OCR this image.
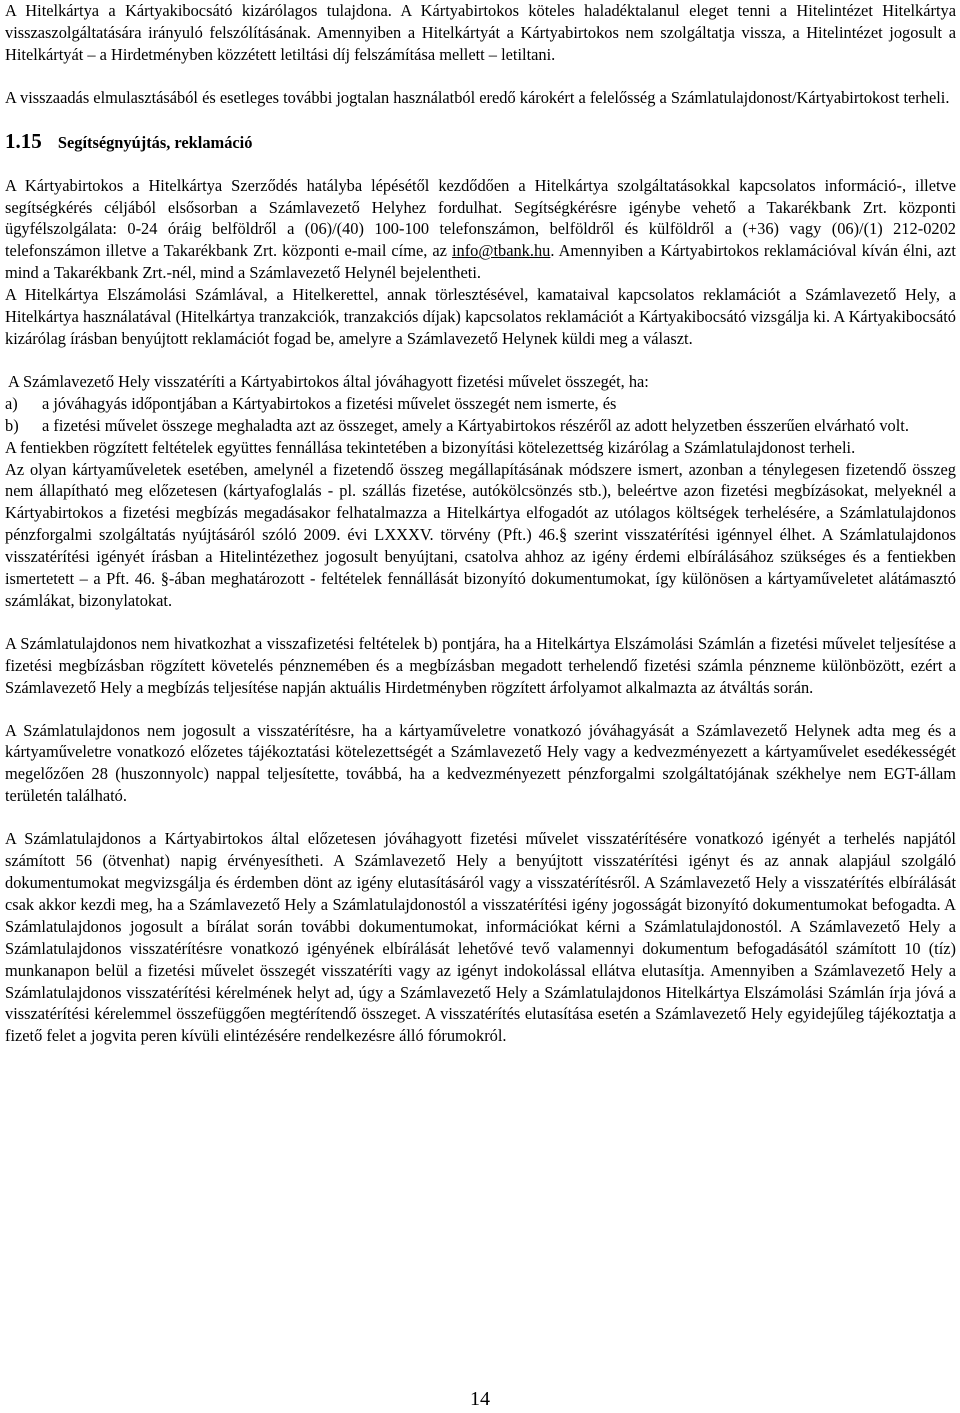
A Hitelkártya a Kártyakibocsátó kizárólagos tulajdona. A Kártyabirtokos köteles haladéktalanul eleget tenni a Hitelintézet Hitelkártya visszaszolgáltatására irányuló felszólításának. Amennyiben a Hitelkártyát a Kártyabirtokos nem szolgáltatja vissza, a Hitelintézet jogosult a Hitelkártyát – a Hirdetményben közzétett letiltási díj felszámítása mellett – letiltani.

A visszaadás elmulasztásából és esetleges további jogtalan használatból eredő károkért a felelősség a Számlatulajdonost/Kártyabirtokost terheli.

1.15 Segítségnyújtás, reklamáció

A Kártyabirtokos a Hitelkártya Szerződés hatályba lépésétől kezdődően a Hitelkártya szolgáltatásokkal kapcsolatos információ-, illetve segítségkérés céljából elsősorban a Számlavezető Helyhez fordulhat. Segítségkérésre igénybe vehető a Takarékbank Zrt. központi ügyfélszolgálata: 0-24 óráig belföldről a (06)/(40) 100-100 telefonszámon, belföldről és külföldről a (+36) vagy (06)/(1) 212-0202 telefonszámon illetve a Takarékbank Zrt. központi e-mail címe, az info@tbank.hu. Amennyiben a Kártyabirtokos reklamációval kíván élni, azt mind a Takarékbank Zrt.-nél, mind a Számlavezető Helynél bejelentheti.

A Hitelkártya Elszámolási Számlával, a Hitelkerettel, annak törlesztésével, kamataival kapcsolatos reklamációt a Számlavezető Hely, a Hitelkártya használatával (Hitelkártya tranzakciók, tranzakciós díjak) kapcsolatos reklamációt a Kártyakibocsátó vizsgálja ki. A Kártyakibocsátó kizárólag írásban benyújtott reklamációt fogad be, amelyre a Számlavezető Helynek küldi meg a választ.

A Számlavezető Hely visszatéríti a Kártyabirtokos által jóváhagyott fizetési művelet összegét, ha:

a) a jóváhagyás időpontjában a Kártyabirtokos a fizetési művelet összegét nem ismerte, és

b) a fizetési művelet összege meghaladta azt az összeget, amely a Kártyabirtokos részéről az adott helyzetben ésszerűen elvárható volt.

A fentiekben rögzített feltételek együttes fennállása tekintetében a bizonyítási kötelezettség kizárólag a Számlatulajdonost terheli.

Az olyan kártyaműveletek esetében, amelynél a fizetendő összeg megállapításának módszere ismert, azonban a ténylegesen fizetendő összeg nem állapítható meg előzetesen (kártyafoglalás - pl. szállás fizetése, autókölcsönzés stb.), beleértve azon fizetési megbízásokat, melyeknél a Kártyabirtokos a fizetési megbízás megadásakor felhatalmazza a Hitelkártya elfogadót az utólagos költségek terhelésére, a Számlatulajdonos pénzforgalmi szolgáltatás nyújtásáról szóló 2009. évi LXXXV. törvény (Pft.) 46.§ szerint visszatérítési igénnyel élhet. A Számlatulajdonos visszatérítési igényét írásban a Hitelintézethez jogosult benyújtani, csatolva ahhoz az igény érdemi elbírálásához szükséges és a fentiekben ismertetett – a Pft. 46. §-ában meghatározott - feltételek fennállását bizonyító dokumentumokat, így különösen a kártyaműveletet alátámasztó számlákat, bizonylatokat.

A Számlatulajdonos nem hivatkozhat a visszafizetési feltételek b) pontjára, ha a Hitelkártya Elszámolási Számlán a fizetési művelet teljesítése a fizetési megbízásban rögzített követelés pénznemében és a megbízásban megadott terhelendő fizetési számla pénzneme különbözött, ezért a Számlavezető Hely a megbízás teljesítése napján aktuális Hirdetményben rögzített árfolyamot alkalmazta az átváltás során.

A Számlatulajdonos nem jogosult a visszatérítésre, ha a kártyaműveletre vonatkozó jóváhagyását a Számlavezető Helynek adta meg és a kártyaműveletre vonatkozó előzetes tájékoztatási kötelezettségét a Számlavezető Hely vagy a kedvezményezett a kártyaművelet esedékességét megelőzően 28 (huszonnyolc) nappal teljesítette, továbbá, ha a kedvezményezett pénzforgalmi szolgáltatójának székhelye nem EGT-állam területén található.

A Számlatulajdonos a Kártyabirtokos által előzetesen jóváhagyott fizetési művelet visszatérítésére vonatkozó igényét a terhelés napjától számított 56 (ötvenhat) napig érvényesítheti. A Számlavezető Hely a benyújtott visszatérítési igényt és az annak alapjául szolgáló dokumentumokat megvizsgálja és érdemben dönt az igény elutasításáról vagy a visszatérítésről. A Számlavezető Hely a visszatérítés elbírálását csak akkor kezdi meg, ha a Számlavezető Hely a Számlatulajdonostól a visszatérítési igény jogosságát bizonyító dokumentumokat befogadta. A Számlatulajdonos jogosult a bírálat során további dokumentumokat, információkat kérni a Számlatulajdonostól. A Számlavezető Hely a Számlatulajdonos visszatérítésre vonatkozó igényének elbírálását lehetővé tevő valamennyi dokumentum befogadásától számított 10 (tíz) munkanapon belül a fizetési művelet összegét visszatéríti vagy az igényt indokolással ellátva elutasítja. Amennyiben a Számlavezető Hely a Számlatulajdonos visszatérítési kérelmének helyt ad, úgy a Számlavezető Hely a Számlatulajdonos Hitelkártya Elszámolási Számlán írja jóvá a visszatérítési kérelemmel összefüggően megtérítendő összeget. A visszatérítés elutasítása esetén a Számlavezető Hely egyidejűleg tájékoztatja a fizető felet a jogvita peren kívüli elintézésére rendelkezésre álló fórumokról.

14
